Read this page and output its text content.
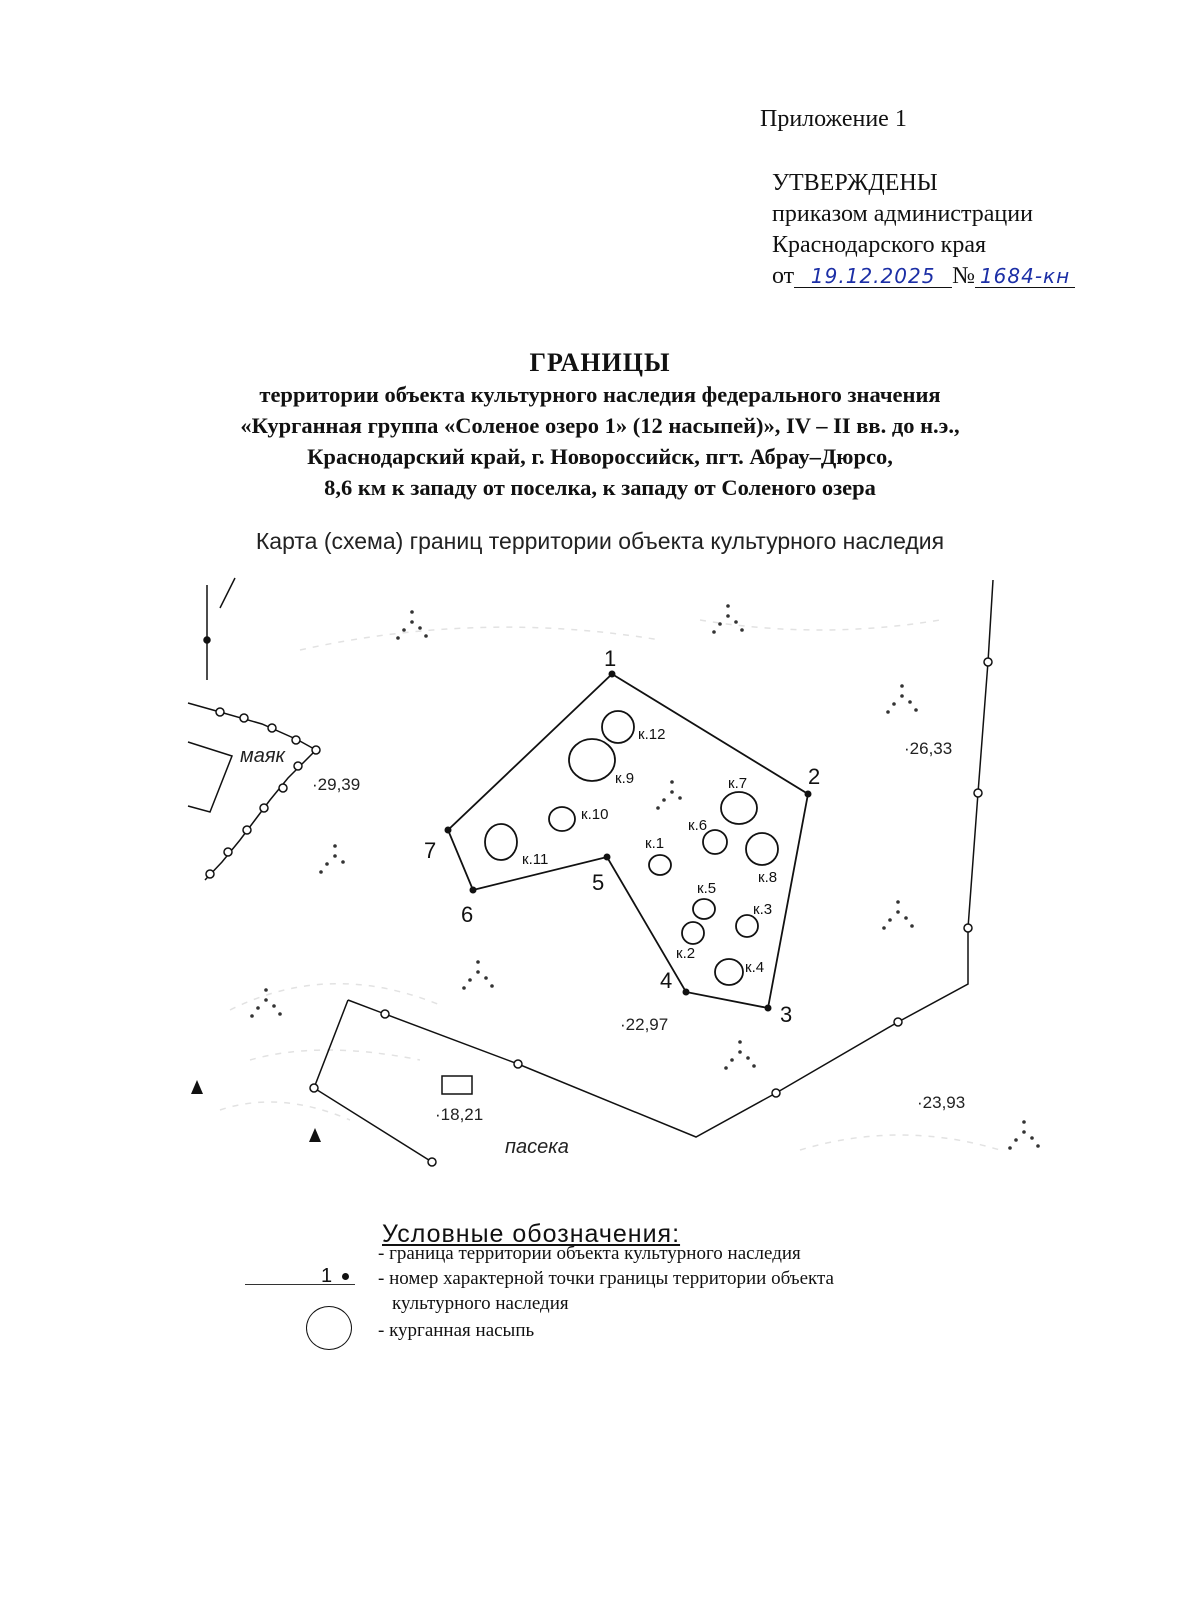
Приложение 1
УТВЕРЖДЕНЫ
приказом администрации
Краснодарского края
от 19.12.2025 № 1684-кн
ГРАНИЦЫ
территории объекта культурного наследия федерального значения
«Курганная группа «Соленое озеро 1» (12 насыпей)», IV – II вв. до н.э.,
Краснодарский край, г. Новороссийск, пгт. Абрау–Дюрсо,
8,6 км к западу от поселка, к западу от Соленого озера
Карта (схема) границ территории объекта культурного наследия
маяк
пасека
·26,33
·29,39
·22,97
·18,21
·23,93
1
2
3
4
5
6
7	к.1
к.2
к.3
к.4
к.5
к.6
к.7
к.8
к.9
к.10
к.11
к.12
Условные обозначения:
- граница территории объекта культурного наследия
1	- номер характерной точки границы территории объекта
культурного наследия
- курганная насыпь
